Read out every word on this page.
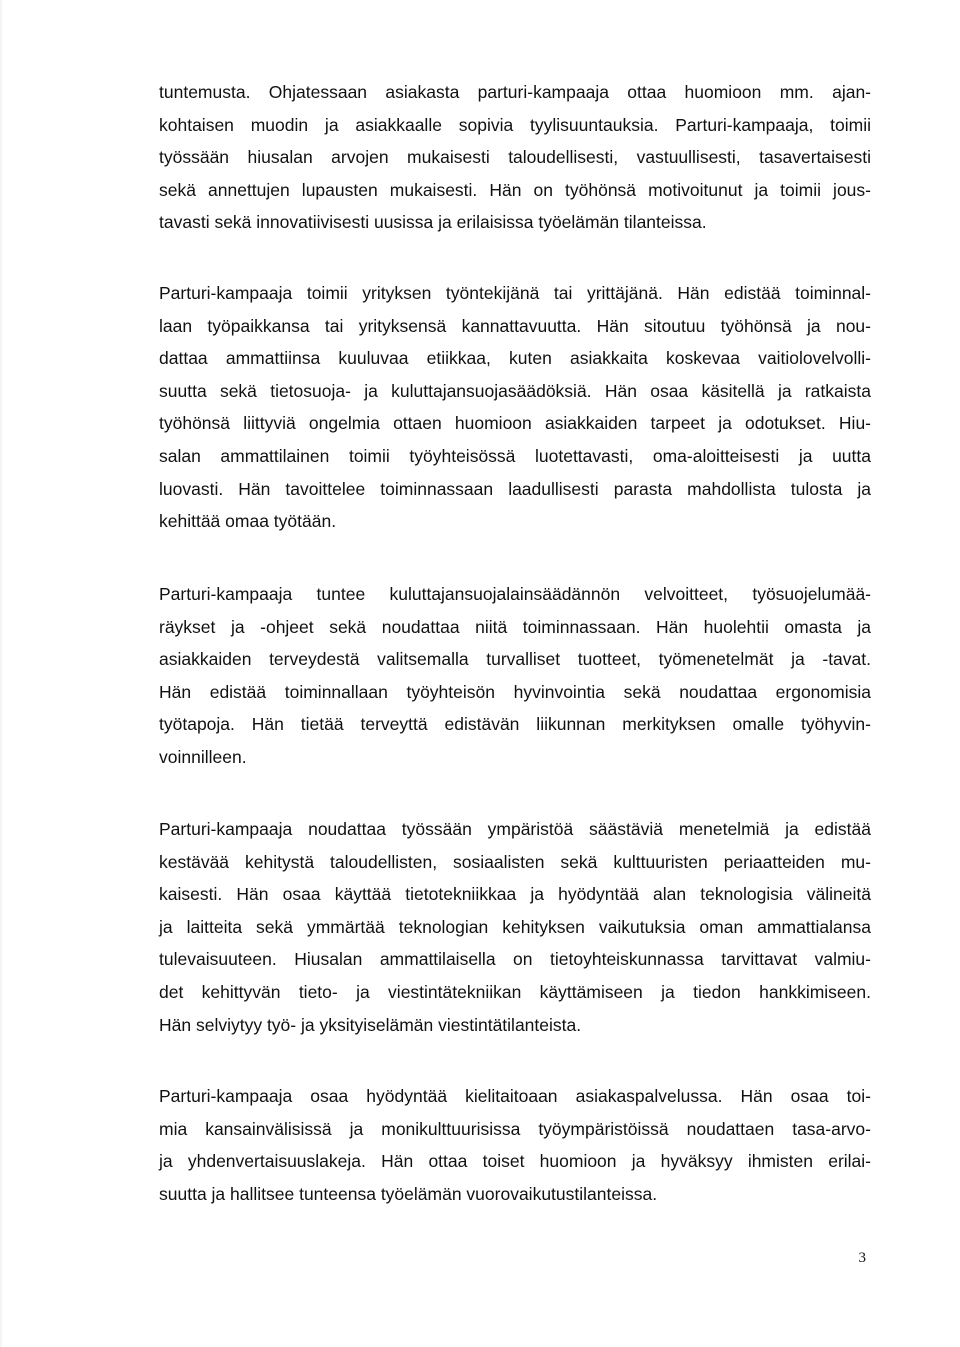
tuntemusta. Ohjatessaan asiakasta parturi-kampaaja ottaa huomioon mm. ajan-
kohtaisen muodin ja asiakkaalle sopivia tyylisuuntauksia. Parturi-kampaaja, toimii
työssään hiusalan arvojen mukaisesti taloudellisesti, vastuullisesti, tasavertaisesti
sekä annettujen lupausten mukaisesti. Hän on työhönsä motivoitunut ja toimii jous-
tavasti sekä innovatiivisesti uusissa ja erilaisissa työelämän tilanteissa.
Parturi-kampaaja toimii yrityksen työntekijänä tai yrittäjänä. Hän edistää toiminnal-
laan työpaikkansa tai yrityksensä kannattavuutta. Hän sitoutuu työhönsä ja nou-
dattaa ammattiinsa kuuluvaa etiikkaa, kuten asiakkaita koskevaa vaitiolovelvolli-
suutta sekä tietosuoja- ja kuluttajansuojasäädöksiä. Hän osaa käsitellä ja ratkaista
työhönsä liittyviä ongelmia ottaen huomioon asiakkaiden tarpeet ja odotukset. Hiu-
salan ammattilainen toimii työyhteisössä luotettavasti, oma-aloitteisesti ja uutta
luovasti. Hän tavoittelee toiminnassaan laadullisesti parasta mahdollista tulosta ja
kehittää omaa työtään.
Parturi-kampaaja tuntee kuluttajansuojalainsäädännön velvoitteet, työsuojelumää-
räykset ja -ohjeet sekä noudattaa niitä toiminnassaan. Hän huolehtii omasta ja
asiakkaiden terveydestä valitsemalla turvalliset tuotteet, työmenetelmät ja -tavat.
Hän edistää toiminnallaan työyhteisön hyvinvointia sekä noudattaa ergonomisia
työtapoja. Hän tietää terveyttä edistävän liikunnan merkityksen omalle työhyvin-
voinnilleen.
Parturi-kampaaja noudattaa työssään ympäristöä säästäviä menetelmiä ja edistää
kestävää kehitystä taloudellisten, sosiaalisten sekä kulttuuristen periaatteiden mu-
kaisesti. Hän osaa käyttää tietotekniikkaa ja hyödyntää alan teknologisia välineitä
ja laitteita sekä ymmärtää teknologian kehityksen vaikutuksia oman ammattialansa
tulevaisuuteen. Hiusalan ammattilaisella on tietoyhteiskunnassa tarvittavat valmiu-
det kehittyvän tieto- ja viestintätekniikan käyttämiseen ja tiedon hankkimiseen.
Hän selviytyy työ- ja yksityiselämän viestintätilanteista.
Parturi-kampaaja osaa hyödyntää kielitaitoaan asiakaspalvelussa. Hän osaa toi-
mia kansainvälisissä ja monikulttuurisissa työympäristöissä noudattaen tasa-arvo-
ja yhdenvertaisuuslakeja. Hän ottaa toiset huomioon ja hyväksyy ihmisten erilai-
suutta ja hallitsee tunteensa työelämän vuorovaikutustilanteissa.
3
